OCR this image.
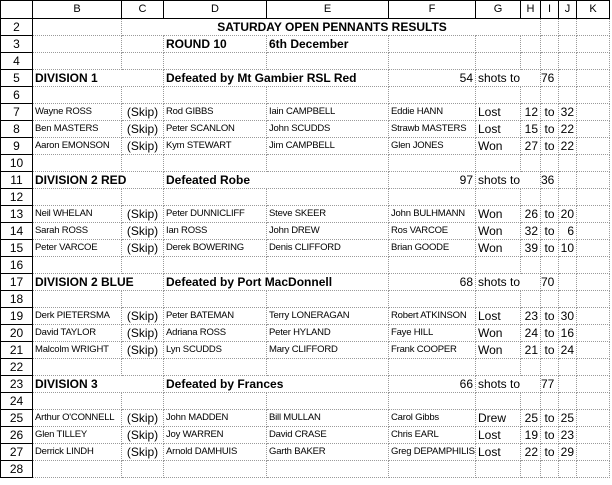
	B	C	D	E	F	G	H	I	J	K
2		SATURDAY OPEN PENNANTS RESULTS								
3			ROUND 10	6th December						
4										
5	DIVISION 1		Defeated by Mt Gambier RSL Red		54	shots to		76		
6										
7	Wayne ROSS	(Skip)	Rod GIBBS	Iain CAMPBELL	Eddie HANN	Lost	12	to	32	
8	Ben MASTERS	(Skip)	Peter SCANLON	John SCUDDS	Strawb MASTERS	Lost	15	to	22	
9	Aaron EMONSON	(Skip)	Kym STEWART	Jim CAMPBELL	Glen JONES	Won	27	to	22	
10										
11	DIVISION 2 RED		Defeated Robe		97	shots to		36		
12										
13	Neil WHELAN	(Skip)	Peter DUNNICLIFF	Steve SKEER	John BULHMANN	Won	26	to	20	
14	Sarah ROSS	(Skip)	Ian ROSS	John DREW	Ros VARCOE	Won	32	to	6	
15	Peter VARCOE	(Skip)	Derek BOWERING	Denis CLIFFORD	Brian GOODE	Won	39	to	10	
16										
17	DIVISION 2 BLUE		Defeated by Port MacDonnell		68	shots to		70		
18										
19	Derk PIETERSMA	(Skip)	Peter BATEMAN	Terry LONERAGAN	Robert ATKINSON	Lost	23	to	30	
20	David TAYLOR	(Skip)	Adriana ROSS	Peter HYLAND	Faye HILL	Won	24	to	16	
21	Malcolm WRIGHT	(Skip)	Lyn SCUDDS	Mary CLIFFORD	Frank COOPER	Won	21	to	24	
22										
23	DIVISION 3		Defeated by Frances		66	shots to		77		
24										
25	Arthur O'CONNELL	(Skip)	John MADDEN	Bill MULLAN	Carol Gibbs	Drew	25	to	25	
26	Glen TILLEY	(Skip)	Joy WARREN	David CRASE	Chris EARL	Lost	19	to	23	
27	Derrick LINDH	(Skip)	Arnold DAMHUIS	Garth BAKER	Greg DEPAMPHILIS	Lost	22	to	29	
28										
